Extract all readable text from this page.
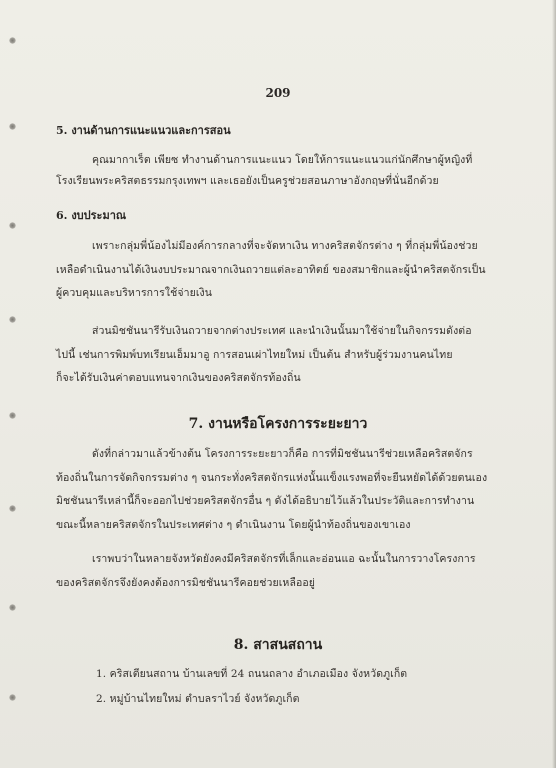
209
5. งานด้านการแนะแนวและการสอน
คุณมากาเร็ต เพียซ ทำงานด้านการแนะแนว โดยให้การแนะแนวแก่นักศึกษาผู้หญิงที่
โรงเรียนพระคริสตธรรมกรุงเทพฯ และเธอยังเป็นครูช่วยสอนภาษาอังกฤษที่นั่นอีกด้วย
6. งบประมาณ
เพราะกลุ่มพี่น้องไม่มีองค์การกลางที่จะจัดหาเงิน ทางคริสตจักรต่าง ๆ ที่กลุ่มพี่น้องช่วย
เหลือดำเนินงานได้เงินงบประมาณจากเงินถวายแต่ละอาทิตย์ ของสมาชิกและผู้นำคริสตจักรเป็น
ผู้ควบคุมและบริหารการใช้จ่ายเงิน
ส่วนมิชชันนารีรับเงินถวายจากต่างประเทศ และนำเงินนั้นมาใช้จ่ายในกิจกรรมดังต่อ
ไปนี้ เช่นการพิมพ์บทเรียนเอ็มมาอู การสอนเผ่าไทยใหม่ เป็นต้น สำหรับผู้ร่วมงานคนไทย
ก็จะได้รับเงินค่าตอบแทนจากเงินของคริสตจักรท้องถิ่น
7. งานหรือโครงการระยะยาว
ดังที่กล่าวมาแล้วข้างต้น โครงการระยะยาวก็คือ การที่มิชชันนารีช่วยเหลือคริสตจักร
ท้องถิ่นในการจัดกิจกรรมต่าง ๆ จนกระทั่งคริสตจักรแห่งนั้นแข็งแรงพอที่จะยืนหยัดได้ด้วยตนเอง
มิชชันนารีเหล่านี้ก็จะออกไปช่วยคริสตจักรอื่น ๆ ดังได้อธิบายไว้แล้วในประวัติและการทำงาน
ขณะนี้หลายคริสตจักรในประเทศต่าง ๆ ดำเนินงาน โดยผู้นำท้องถิ่นของเขาเอง
เราพบว่าในหลายจังหวัดยังคงมีคริสตจักรที่เล็กและอ่อนแอ ฉะนั้นในการวางโครงการ
ของคริสตจักรจึงยังคงต้องการมิชชันนารีคอยช่วยเหลืออยู่
8. สาสนสถาน
1. คริสเตียนสถาน บ้านเลขที่ 24 ถนนถลาง อำเภอเมือง จังหวัดภูเก็ต
2. หมู่บ้านไทยใหม่ ตำบลราไวย์ จังหวัดภูเก็ต
